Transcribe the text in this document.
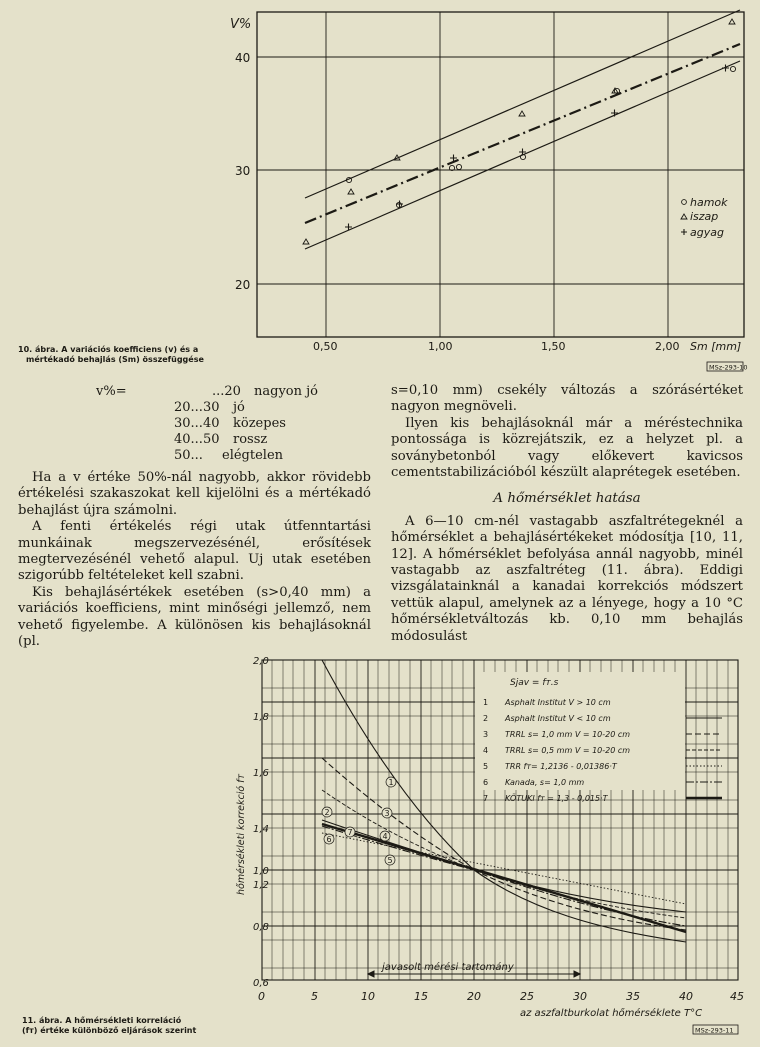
V%
40
30
20
0,50	1,00	1,50	2,00 Sm [mm]
hamok
iszap
agyag
MSz-293-10
10. ábra. A variációs koefficiens (v) és a
mértékadó behajlás (Sm) összefüggése
v%=	...20 nagyon jó
20...30 jó
30...40 közepes
40...50 rossz
50... elégtelen

Ha a v értéke 50%-nál nagyobb, akkor rövidebb értékelési szakaszokat kell kijelölni és a mértékadó behajlást újra számolni.

A fenti értékelés régi utak útfenntartási munkáinak megszervezésénél, erősítések megtervezésénél vehető alapul. Uj utak esetében szigorúbb feltételeket kell szabni.

Kis behajlásértékek esetében (s>0,40 mm) a variációs koefficiens, mint minőségi jellemző, nem vehető figyelembe. A különösen kis behajlásoknál (pl.

s=0,10 mm) csekély változás a szórásértéket nagyon megnöveli.

Ilyen kis behajlásoknál már a méréstechnika pontossága is közrejátszik, ez a helyzet pl. a soványbetonból vagy előkevert kavicsos cementstabilizációból készült alaprétegek esetében.

A hőmérséklet hatása

A 6—10 cm-nél vastagabb aszfaltrétegeknél a hőmérséklet a behajlásértékeket módosítja [10, 11, 12]. A hőmérséklet befolyása annál nagyobb, minél vastagabb az aszfaltréteg (11. ábra). Eddigi vizsgálatainknál a kanadai korrekciós módszert vettük alapul, amelynek az a lényege, hogy a 10 °C hőmérsékletváltozás kb. 0,10 mm behajlás módosulást

1
2	3
4
5
6
7
Sjav = fт.s
1 Asphalt Institut V > 10 cm
2 Asphalt Institut V < 10 cm
3 TRRL s= 1,0 mm V = 10-20 cm
4 TRRL s= 0,5 mm V = 10-20 cm
5 TRR fт= 1,2136 - 0,01386·T
6 Kanada, s= 1,0 mm
7 KÖTUKI fт = 1,3 - 0,015·T
javasolt mérési tartomány
2,0
1,8
1,6
1,4
1,2
1,0
0,8
0,6
hőmérsékleti korrekció fт
0	5	10	15	20	25	30	35	40	45
az aszfaltburkolat hőmérséklete T°C
MSz-293-11
11. ábra. A hőmérsékleti korreláció
(fт) értéke különböző eljárások szerint
